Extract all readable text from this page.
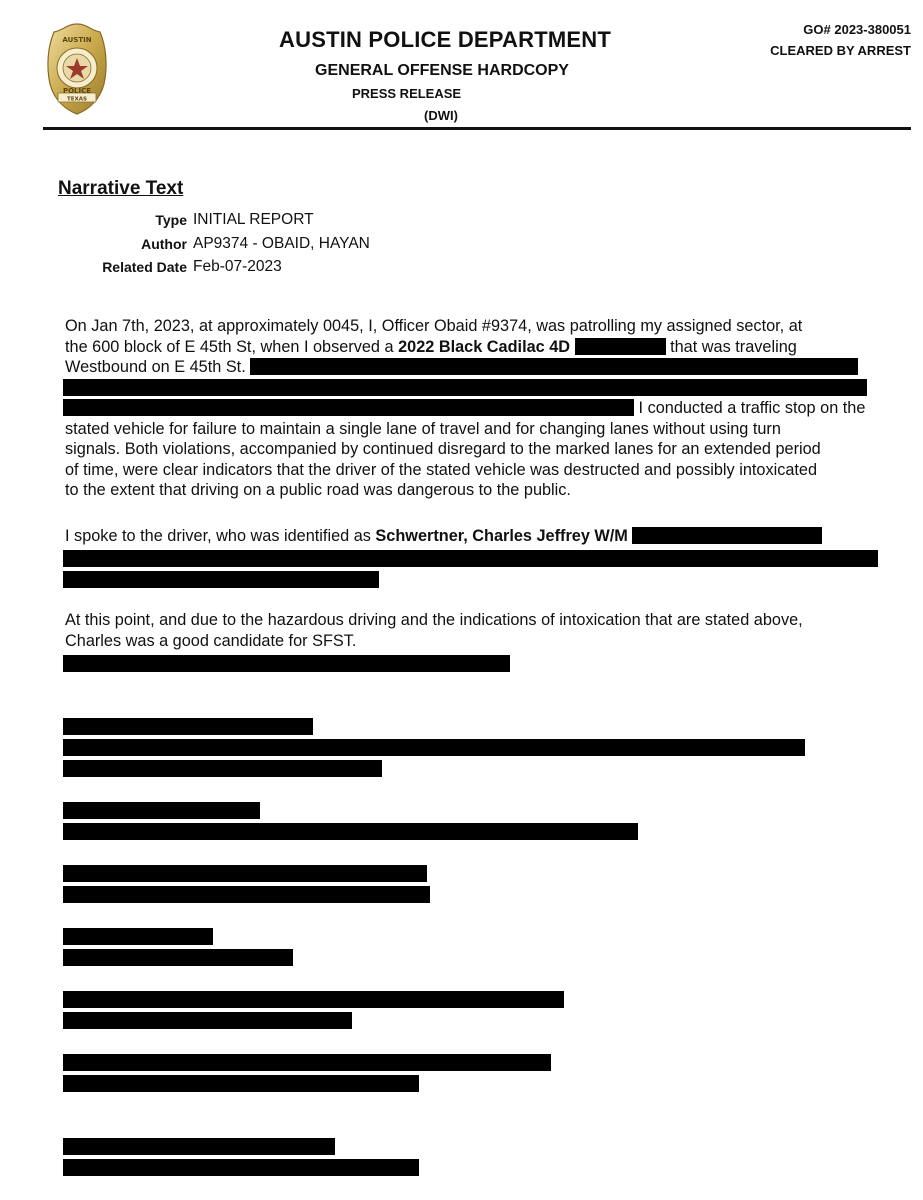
AUSTIN
POLICE
TEXAS
AUSTIN POLICE DEPARTMENT
GENERAL OFFENSE HARDCOPY
PRESS RELEASE
(DWI)
GO# 2023-380051
CLEARED BY ARREST
Narrative Text
Type INITIAL REPORT
Author AP9374 - OBAID, HAYAN
Related Date Feb-07-2023

On Jan 7th, 2023, at approximately 0045, I, Officer Obaid #9374, was patrolling my assigned sector, at

the 600 block of E 45th St, when I observed a 2022 Black Cadilac 4D	that was traveling

Westbound on E 45th St.

I conducted a traffic stop on the

stated vehicle for failure to maintain a single lane of travel and for changing lanes without using turn

signals. Both violations, accompanied by continued disregard to the marked lanes for an extended period

of time, were clear indicators that the driver of the stated vehicle was destructed and possibly intoxicated

to the extent that driving on a public road was dangerous to the public.

I spoke to the driver, who was identified as Schwertner, Charles Jeffrey W/M

At this point, and due to the hazardous driving and the indications of intoxication that are stated above,

Charles was a good candidate for SFST.
